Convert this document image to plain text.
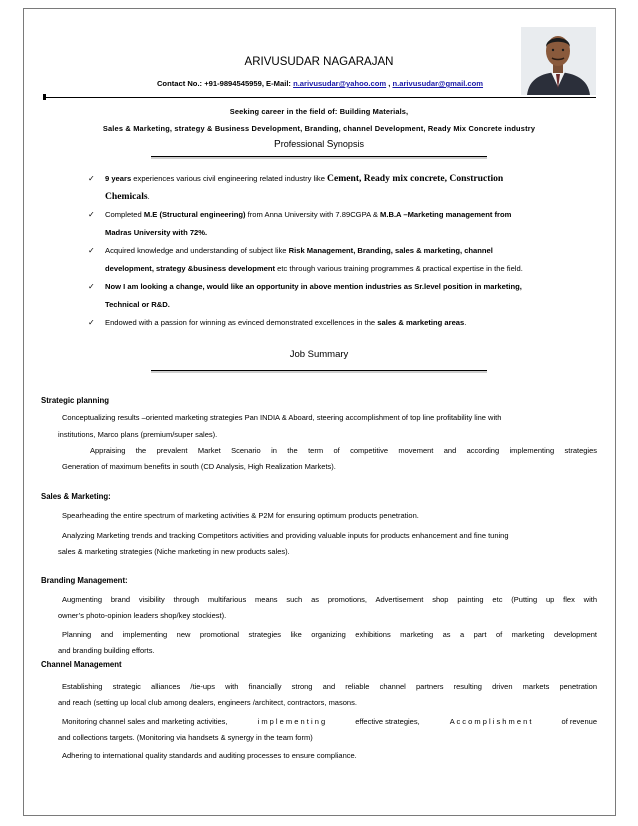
ARIVUSUDAR NAGARAJAN
Contact No.: +91-9894545959, E-Mail: n.arivusudar@yahoo.com , n.arivusudar@gmail.com
Seeking career in the field of: Building Materials,
Sales & Marketing, strategy & Business Development, Branding, channel Development, Ready Mix Concrete industry
Professional Synopsis
✓ 9 years experiences various civil engineering related industry like Cement, Ready mix concrete, Construction
Chemicals.
✓ Completed M.E (Structural engineering) from Anna University with 7.89CGPA & M.B.A –Marketing management from
Madras University with 72%.
✓ Acquired knowledge and understanding of subject like Risk Management, Branding, sales & marketing, channel
development, strategy &business development etc through various training programmes & practical expertise in the field.
✓ Now I am looking a change, would like an opportunity in above mention industries as Sr.level position in marketing,
Technical or R&D.
✓ Endowed with a passion for winning as evinced demonstrated excellences in the sales & marketing areas.
Job Summary
Strategic planning
Conceptualizing results –oriented marketing strategies Pan INDIA & Aboard, steering accomplishment of top line profitability line with
institutions, Marco plans (premium/super sales).
Appraising the prevalent Market Scenario in the term of competitive movement and according implementing strategies
Generation of maximum benefits in south (CD Analysis, High Realization Markets).
Sales & Marketing:
Spearheading the entire spectrum of marketing activities & P2M for ensuring optimum products penetration.
Analyzing Marketing trends and tracking Competitors activities and providing valuable inputs for products enhancement and fine tuning
sales & marketing strategies (Niche marketing in new products sales).
Branding Management:
Augmenting brand visibility through multifarious means such as promotions, Advertisement shop painting etc (Putting up flex with
owner’s photo-opinion leaders shop/key stockiest).
Planning and implementing new promotional strategies like organizing exhibitions marketing as a part of marketing development
and branding building efforts.
Channel Management
Establishing strategic alliances /tie-ups with financially strong and reliable channel partners resulting driven markets penetration
and reach (setting up local club among dealers, engineers /architect, contractors, masons.
Monitoring channel sales and marketing activities,	i m p l e m e n t i n g	effective strategies,	A c c o m p l i s h m e n t	of revenue
and collections targets. (Monitoring via handsets & synergy in the team form)
Adhering to international quality standards and auditing processes to ensure compliance.
